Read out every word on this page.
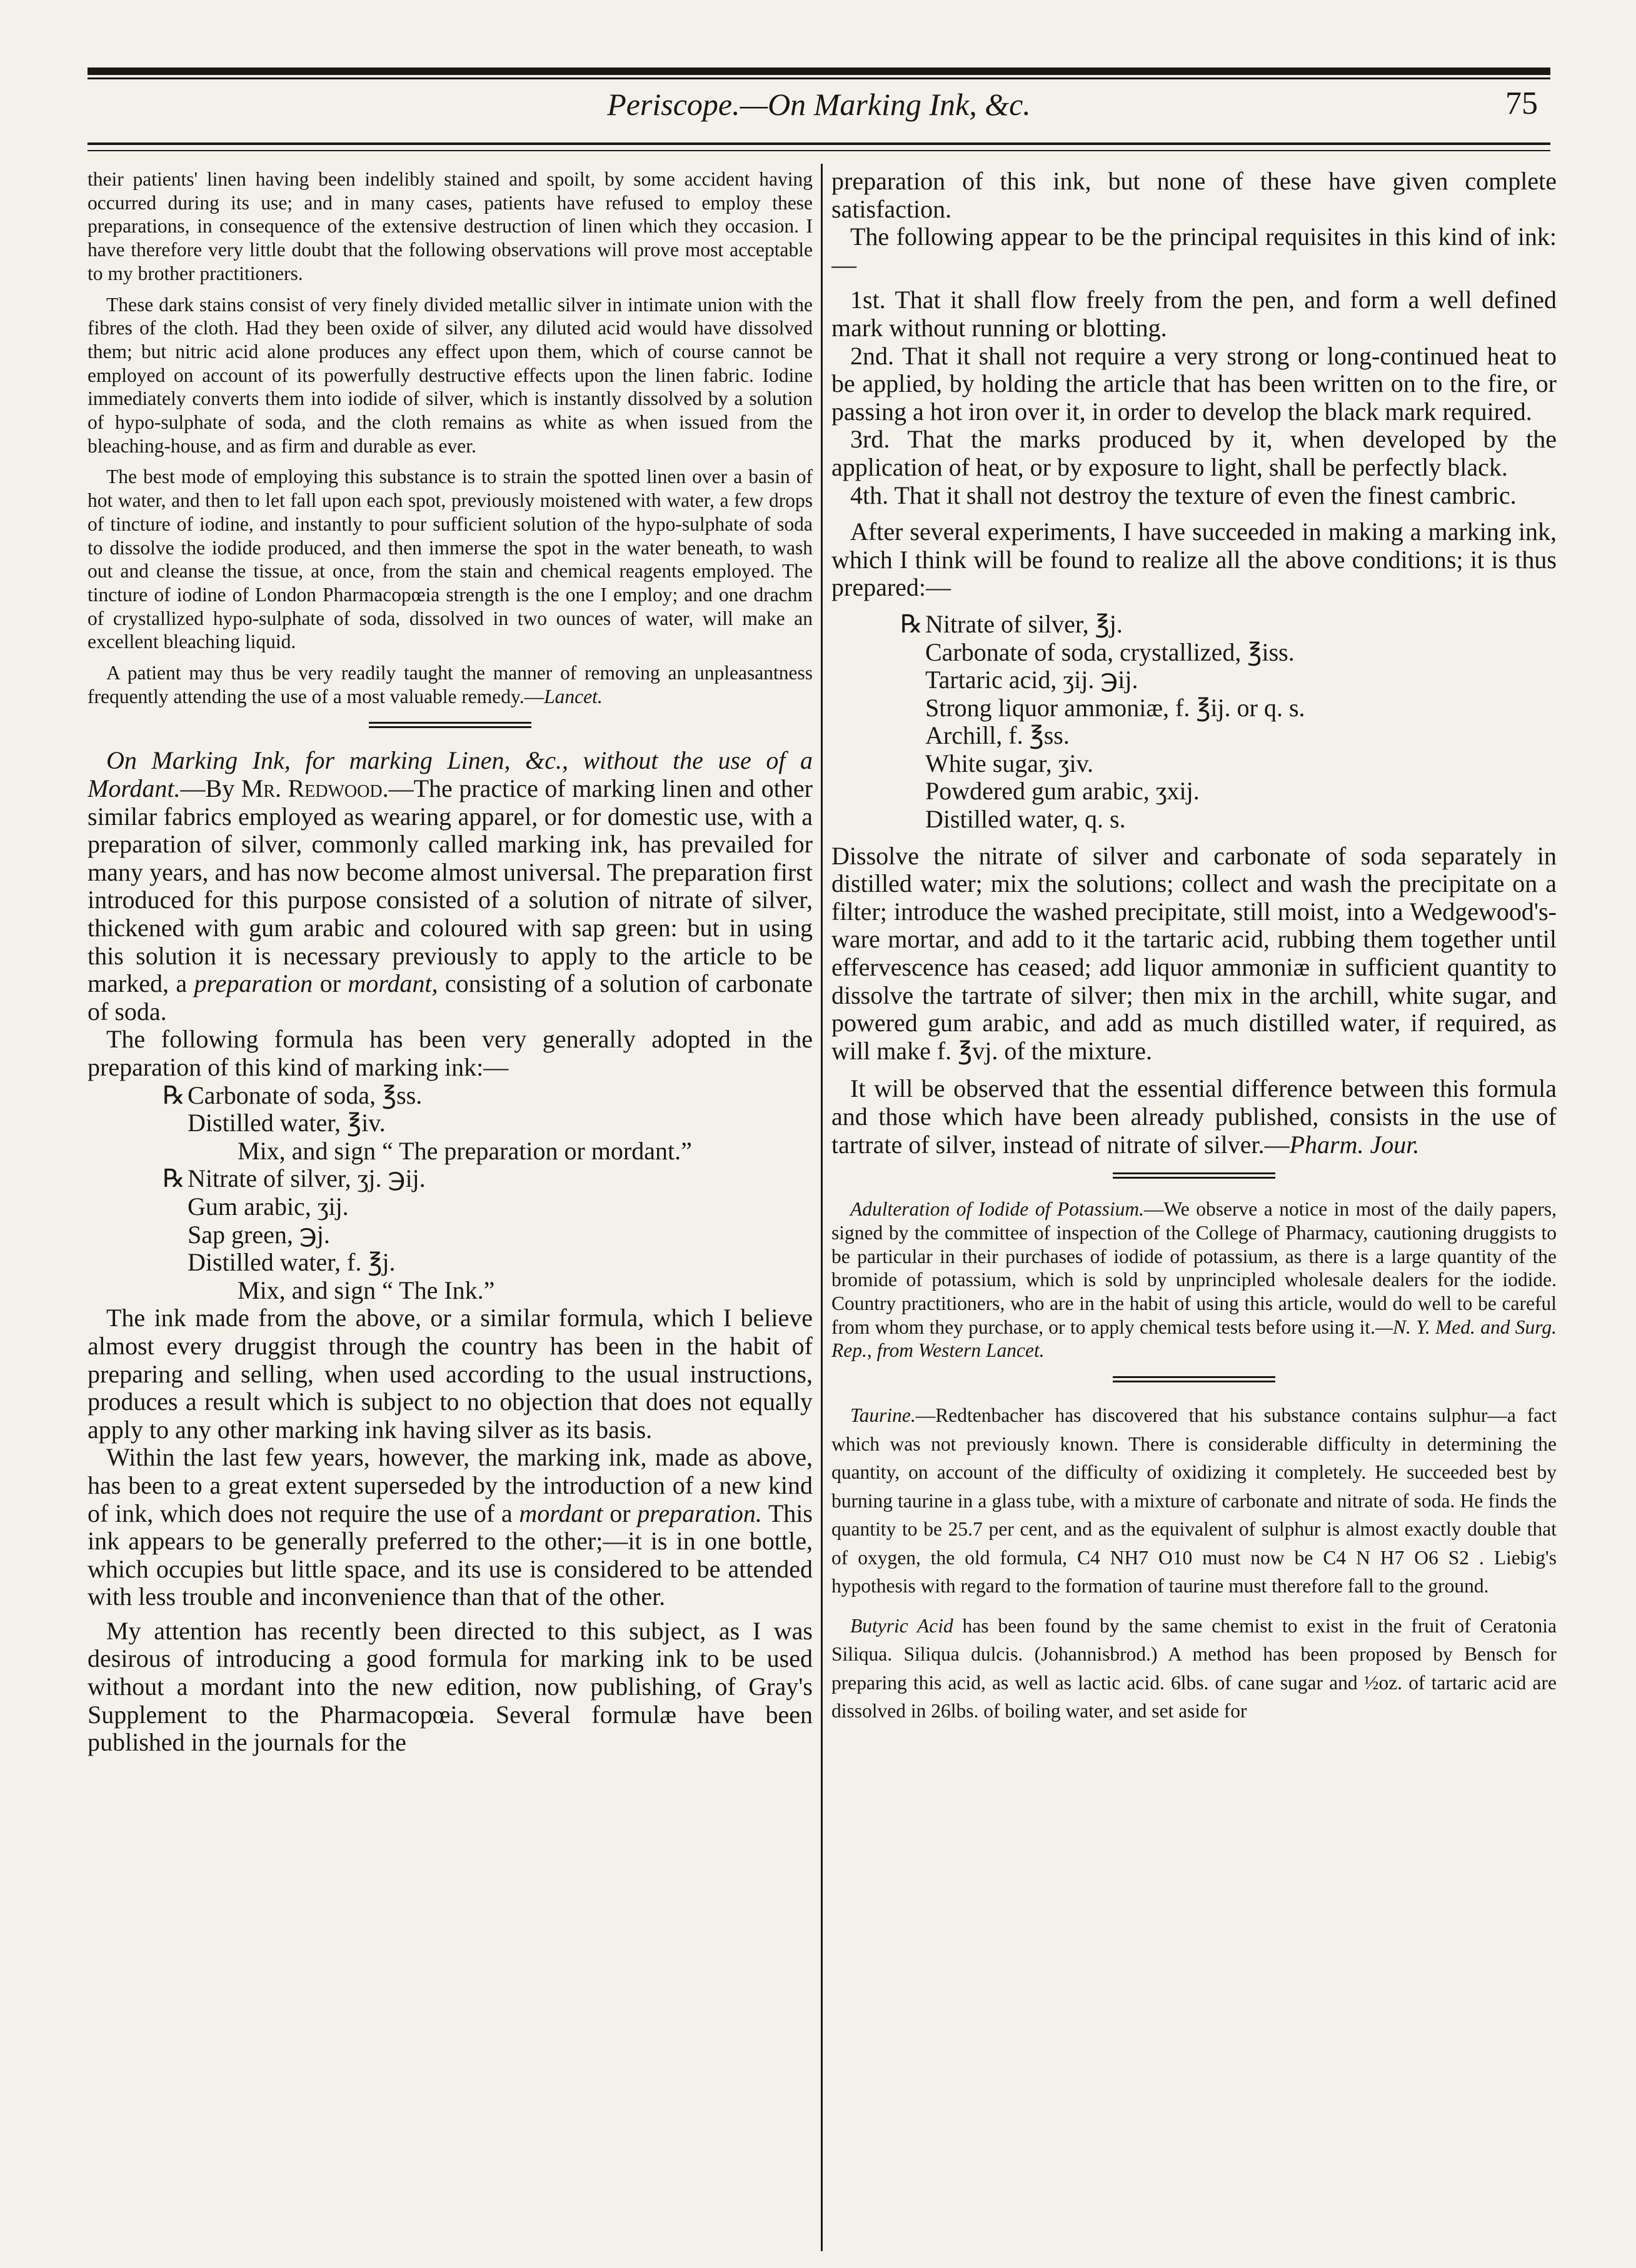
Periscope.—On Marking Ink, &c.	75

their patients' linen having been indelibly stained and spoilt, by some accident having occurred during its use; and in many cases, patients have refused to employ these preparations, in consequence of the extensive destruction of linen which they occasion. I have therefore very little doubt that the following observations will prove most acceptable to my brother practitioners.

These dark stains consist of very finely divided metallic silver in intimate union with the fibres of the cloth. Had they been oxide of silver, any diluted acid would have dissolved them; but nitric acid alone produces any effect upon them, which of course cannot be employed on account of its powerfully destructive effects upon the linen fabric. Iodine immediately converts them into iodide of silver, which is instantly dissolved by a solution of hypo-sulphate of soda, and the cloth remains as white as when issued from the bleaching-house, and as firm and durable as ever.

The best mode of employing this substance is to strain the spotted linen over a basin of hot water, and then to let fall upon each spot, previously moistened with water, a few drops of tincture of iodine, and instantly to pour sufficient solution of the hypo-sulphate of soda to dissolve the iodide produced, and then immerse the spot in the water beneath, to wash out and cleanse the tissue, at once, from the stain and chemical reagents employed. The tincture of iodine of London Pharmacopœia strength is the one I employ; and one drachm of crystallized hypo-sulphate of soda, dissolved in two ounces of water, will make an excellent bleaching liquid.

A patient may thus be very readily taught the manner of removing an unpleasantness frequently attending the use of a most valuable remedy.—Lancet.

On Marking Ink, for marking Linen, &c., without the use of a Mordant.—By Mr. Redwood.—The practice of marking linen and other similar fabrics employed as wearing apparel, or for domestic use, with a preparation of silver, commonly called marking ink, has prevailed for many years, and has now become almost universal. The preparation first introduced for this purpose consisted of a solution of nitrate of silver, thickened with gum arabic and coloured with sap green: but in using this solution it is necessary previously to apply to the article to be marked, a preparation or mordant, consisting of a solution of carbonate of soda.

The following formula has been very generally adopted in the preparation of this kind of marking ink:—

℞ Carbonate of soda, ℥ss.
Distilled water, ℥iv.
Mix, and sign “ The preparation or mordant.”
℞ Nitrate of silver, ʒj. ℈ij.
Gum arabic, ʒij.
Sap green, ℈j.
Distilled water, f. ℥j.
Mix, and sign “ The Ink.”

The ink made from the above, or a similar formula, which I believe almost every druggist through the country has been in the habit of preparing and selling, when used according to the usual instructions, produces a result which is subject to no objection that does not equally apply to any other marking ink having silver as its basis.

Within the last few years, however, the marking ink, made as above, has been to a great extent superseded by the introduction of a new kind of ink, which does not require the use of a mordant or preparation. This ink appears to be generally preferred to the other;—it is in one bottle, which occupies but little space, and its use is considered to be attended with less trouble and inconvenience than that of the other.

My attention has recently been directed to this subject, as I was desirous of introducing a good formula for marking ink to be used without a mordant into the new edition, now publishing, of Gray's Supplement to the Pharmacopœia. Several formulæ have been published in the journals for the

preparation of this ink, but none of these have given complete satisfaction.

The following appear to be the principal requisites in this kind of ink:—

1st. That it shall flow freely from the pen, and form a well defined mark without running or blotting.

2nd. That it shall not require a very strong or long-continued heat to be applied, by holding the article that has been written on to the fire, or passing a hot iron over it, in order to develop the black mark required.

3rd. That the marks produced by it, when developed by the application of heat, or by exposure to light, shall be perfectly black.

4th. That it shall not destroy the texture of even the finest cambric.

After several experiments, I have succeeded in making a marking ink, which I think will be found to realize all the above conditions; it is thus prepared:—

℞ Nitrate of silver, ℥j.
Carbonate of soda, crystallized, ℥iss.
Tartaric acid, ʒij. ℈ij.
Strong liquor ammoniæ, f. ℥ij. or q. s.
Archill, f. ℥ss.
White sugar, ʒiv.
Powdered gum arabic, ʒxij.
Distilled water, q. s.

Dissolve the nitrate of silver and carbonate of soda separately in distilled water; mix the solutions; collect and wash the precipitate on a filter; introduce the washed precipitate, still moist, into a Wedgewood's-ware mortar, and add to it the tartaric acid, rubbing them together until effervescence has ceased; add liquor ammoniæ in sufficient quantity to dissolve the tartrate of silver; then mix in the archill, white sugar, and powered gum arabic, and add as much distilled water, if required, as will make f. ℥vj. of the mixture.

It will be observed that the essential difference between this formula and those which have been already published, consists in the use of tartrate of silver, instead of nitrate of silver.—Pharm. Jour.

Adulteration of Iodide of Potassium.—We observe a notice in most of the daily papers, signed by the committee of inspection of the College of Pharmacy, cautioning druggists to be particular in their purchases of iodide of potassium, as there is a large quantity of the bromide of potassium, which is sold by unprincipled wholesale dealers for the iodide. Country practitioners, who are in the habit of using this article, would do well to be careful from whom they purchase, or to apply chemical tests before using it.—N. Y. Med. and Surg. Rep., from Western Lancet.

Taurine.—Redtenbacher has discovered that his substance contains sulphur—a fact which was not previously known. There is considerable difficulty in determining the quantity, on account of the difficulty of oxidizing it completely. He succeeded best by burning taurine in a glass tube, with a mixture of carbonate and nitrate of soda. He finds the quantity to be 25.7 per cent, and as the equivalent of sulphur is almost exactly double that of oxygen, the old formula, C4 NH7 O10 must now be C4 N H7 O6 S2 . Liebig's hypothesis with regard to the formation of taurine must therefore fall to the ground.

Butyric Acid has been found by the same chemist to exist in the fruit of Ceratonia Siliqua. Siliqua dulcis. (Johannisbrod.) A method has been proposed by Bensch for preparing this acid, as well as lactic acid. 6lbs. of cane sugar and ½oz. of tartaric acid are dissolved in 26lbs. of boiling water, and set aside for
